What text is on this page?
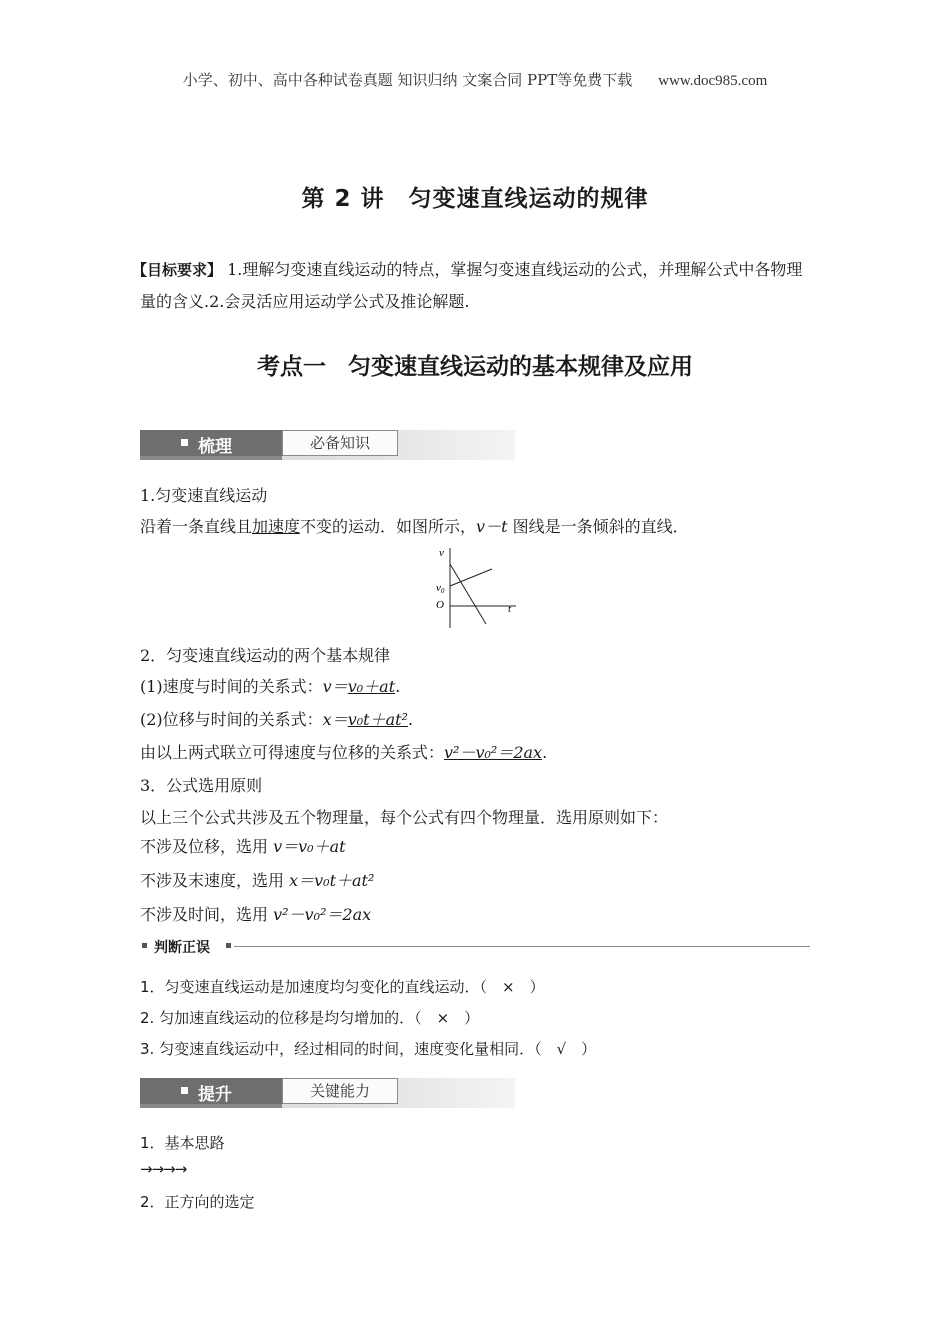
小学、初中、高中各种试卷真题 知识归纳 文案合同 PPT等免费下载 www.doc985.com
第 2 讲　匀变速直线运动的规律
【目标要求】 1.理解匀变速直线运动的特点，掌握匀变速直线运动的公式，并理解公式中各物理量的含义.2.会灵活应用运动学公式及推论解题.
考点一 匀变速直线运动的基本规律及应用
梳理	必备知识
1.匀变速直线运动
沿着一条直线且加速度不变的运动．如图所示，v－t 图线是一条倾斜的直线．
v
v0
O	t
2．匀变速直线运动的两个基本规律
(1)速度与时间的关系式：v＝v₀＋at.
(2)位移与时间的关系式：x＝v₀t＋at².
由以上两式联立可得速度与位移的关系式：v²－v₀²＝2ax.
3．公式选用原则
以上三个公式共涉及五个物理量，每个公式有四个物理量．选用原则如下：
不涉及位移，选用 v＝v₀＋at
不涉及末速度，选用 x＝v₀t＋at²
不涉及时间，选用 v²－v₀²＝2ax
判断正误
1．匀变速直线运动是加速度均匀变化的直线运动．（　×　）
2. 匀加速直线运动的位移是均匀增加的．（　×　）
3. 匀变速直线运动中，经过相同的时间，速度变化量相同．（　√　）
提升	关键能力
1．基本思路
→→→→
2．正方向的选定
